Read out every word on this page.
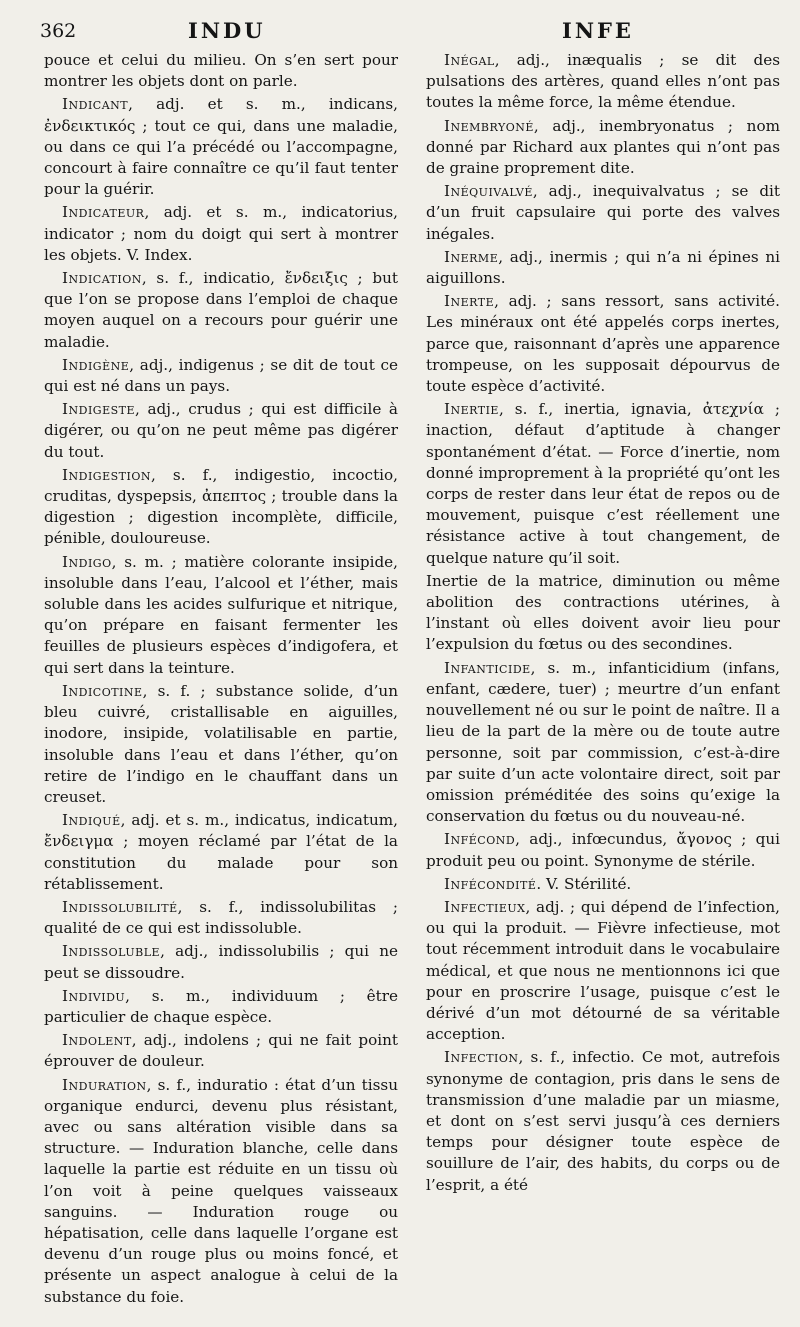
362	INDU	INFE

pouce et celui du milieu. On s’en sert pour montrer les objets dont on parle.

Indicant, adj. et s. m., indicans, ἐνδεικτικός ; tout ce qui, dans une maladie, ou dans ce qui l’a précédé ou l’accompagne, concourt à faire connaître ce qu’il faut tenter pour la guérir.

Indicateur, adj. et s. m., indicatorius, indicator ; nom du doigt qui sert à montrer les objets. V. Index.

Indication, s. f., indicatio, ἔνδειξις ; but que l’on se propose dans l’emploi de chaque moyen auquel on a recours pour guérir une maladie.

Indigène, adj., indigenus ; se dit de tout ce qui est né dans un pays.

Indigeste, adj., crudus ; qui est difficile à digérer, ou qu’on ne peut même pas digérer du tout.

Indigestion, s. f., indigestio, incoctio, cruditas, dyspepsis, ἀπεπτος ; trouble dans la digestion ; digestion incomplète, difficile, pénible, douloureuse.

Indigo, s. m. ; matière colorante insipide, insoluble dans l’eau, l’alcool et l’éther, mais soluble dans les acides sulfurique et nitrique, qu’on prépare en faisant fermenter les feuilles de plusieurs espèces d’indigofera, et qui sert dans la teinture.

Indicotine, s. f. ; substance solide, d’un bleu cuivré, cristallisable en aiguilles, inodore, insipide, volatilisable en partie, insoluble dans l’eau et dans l’éther, qu’on retire de l’indigo en le chauffant dans un creuset.

Indiqué, adj. et s. m., indicatus, indicatum, ἔνδειγμα ; moyen réclamé par l’état de la constitution du malade pour son rétablissement.

Indissolubilité, s. f., indissolubilitas ; qualité de ce qui est indissoluble.

Indissoluble, adj., indissolubilis ; qui ne peut se dissoudre.

Individu, s. m., individuum ; être particulier de chaque espèce.

Indolent, adj., indolens ; qui ne fait point éprouver de douleur.

Induration, s. f., induratio : état d’un tissu organique endurci, devenu plus résistant, avec ou sans altération visible dans sa structure. — Induration blanche, celle dans laquelle la partie est réduite en un tissu où l’on voit à peine quelques vaisseaux sanguins. — Induration rouge ou hépatisation, celle dans laquelle l’organe est devenu d’un rouge plus ou moins foncé, et présente un aspect analogue à celui de la substance du foie.

Inégal, adj., inæqualis ; se dit des pulsations des artères, quand elles n’ont pas toutes la même force, la même étendue.

Inembryoné, adj., inembryonatus ; nom donné par Richard aux plantes qui n’ont pas de graine proprement dite.

Inéquivalvé, adj., inequivalvatus ; se dit d’un fruit capsulaire qui porte des valves inégales.

Inerme, adj., inermis ; qui n’a ni épines ni aiguillons.

Inerte, adj. ; sans ressort, sans activité. Les minéraux ont été appelés corps inertes, parce que, raisonnant d’après une apparence trompeuse, on les supposait dépourvus de toute espèce d’activité.

Inertie, s. f., inertia, ignavia, ἀτεχνία ; inaction, défaut d’aptitude à changer spontanément d’état. — Force d’inertie, nom donné improprement à la propriété qu’ont les corps de rester dans leur état de repos ou de mouvement, puisque c’est réellement une résistance active à tout changement, de quelque nature qu’il soit.

Inertie de la matrice, diminution ou même abolition des contractions utérines, à l’instant où elles doivent avoir lieu pour l’expulsion du fœtus ou des secondines.

Infanticide, s. m., infanticidium (infans, enfant, cædere, tuer) ; meurtre d’un enfant nouvellement né ou sur le point de naître. Il a lieu de la part de la mère ou de toute autre personne, soit par commission, c’est-à-dire par suite d’un acte volontaire direct, soit par omission préméditée des soins qu’exige la conservation du fœtus ou du nouveau-né.

Infécond, adj., infœcundus, ἄγονος ; qui produit peu ou point. Synonyme de stérile.

Infécondité. V. Stérilité.

Infectieux, adj. ; qui dépend de l’infection, ou qui la produit. — Fièvre infectieuse, mot tout récemment introduit dans le vocabulaire médical, et que nous ne mentionnons ici que pour en proscrire l’usage, puisque c’est le dérivé d’un mot détourné de sa véritable acception.

Infection, s. f., infectio. Ce mot, autrefois synonyme de contagion, pris dans le sens de transmission d’une maladie par un miasme, et dont on s’est servi jusqu’à ces derniers temps pour désigner toute espèce de souillure de l’air, des habits, du corps ou de l’esprit, a été
